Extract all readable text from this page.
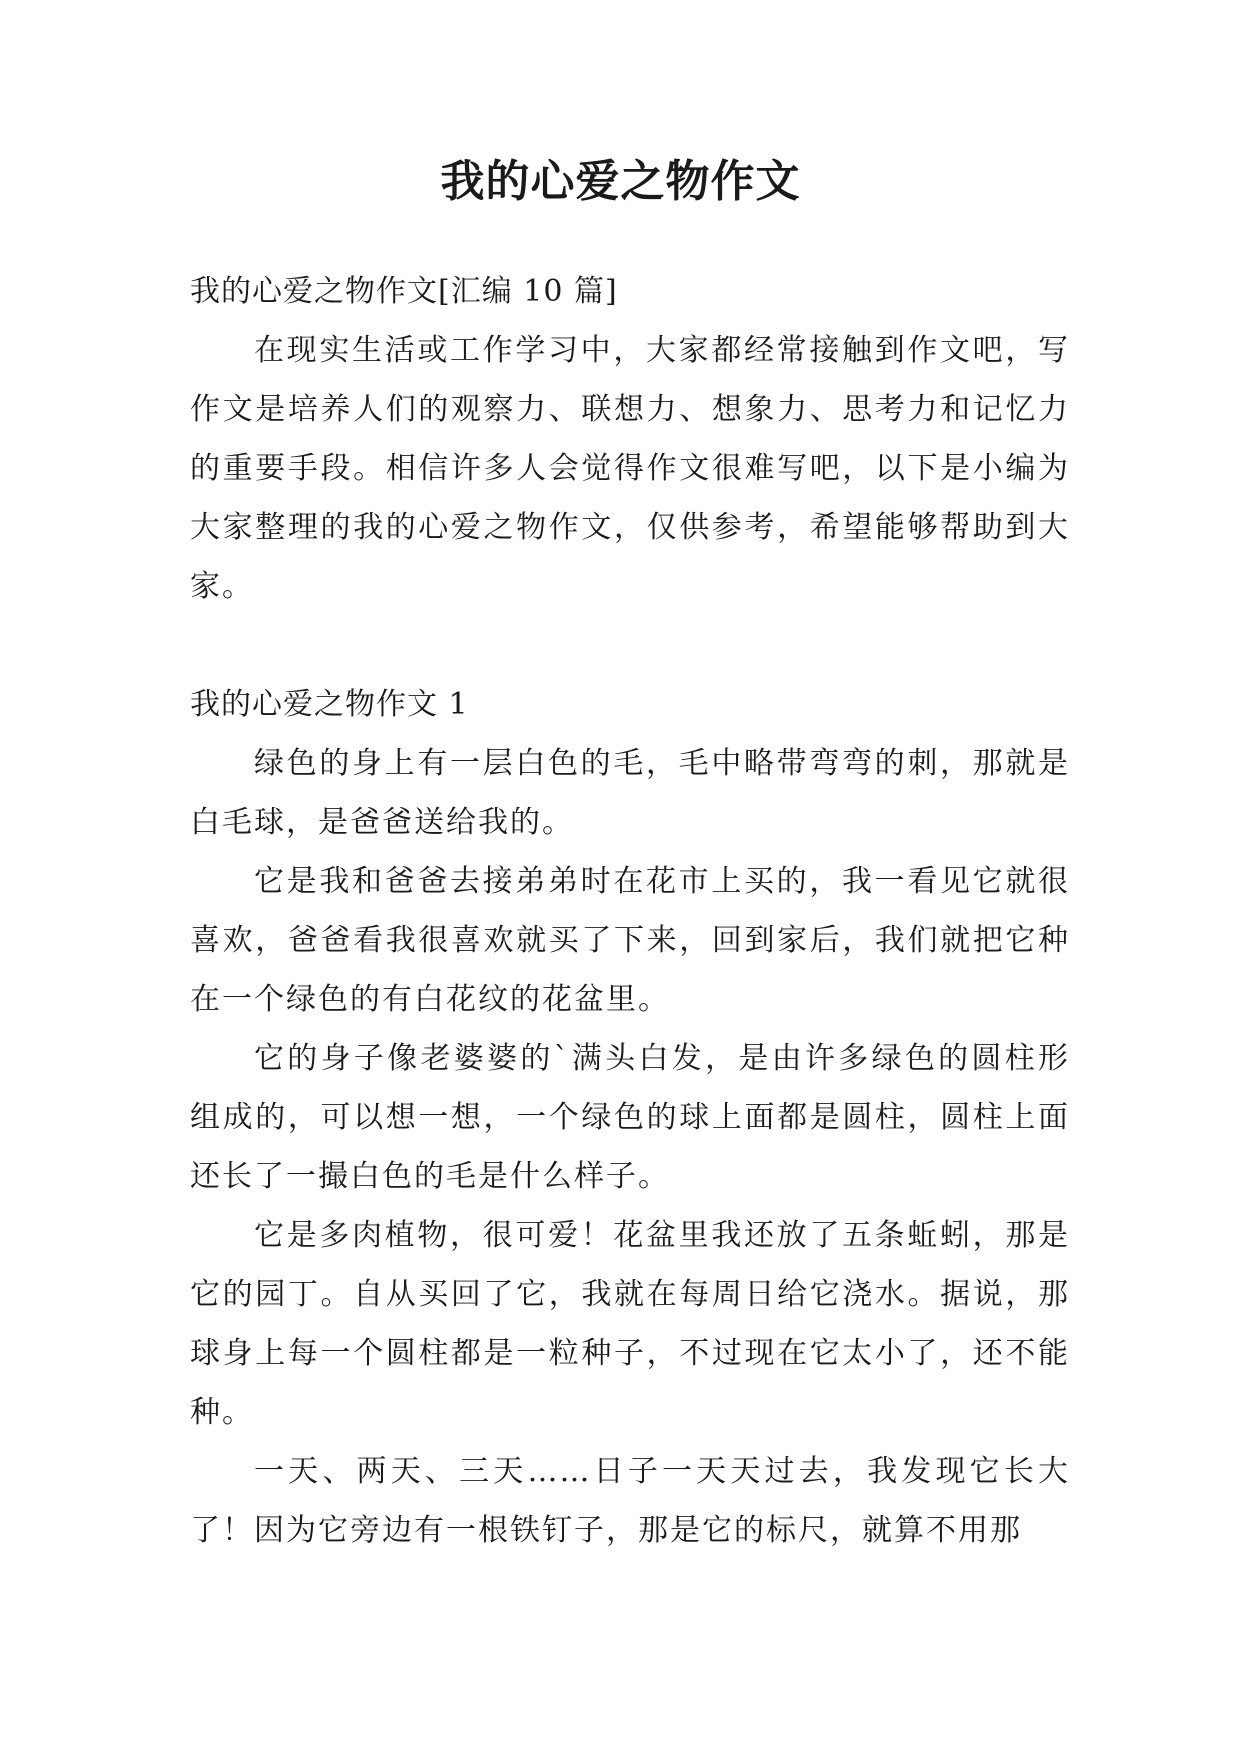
我的心爱之物作文

我的心爱之物作文[汇编 10 篇]

在现实生活或工作学习中，大家都经常接触到作文吧，写作文是培养人们的观察力、联想力、想象力、思考力和记忆力的重要手段。相信许多人会觉得作文很难写吧，以下是小编为大家整理的我的心爱之物作文，仅供参考，希望能够帮助到大家。

我的心爱之物作文 1

绿色的身上有一层白色的毛，毛中略带弯弯的刺，那就是白毛球，是爸爸送给我的。

它是我和爸爸去接弟弟时在花市上买的，我一看见它就很喜欢，爸爸看我很喜欢就买了下来，回到家后，我们就把它种在一个绿色的有白花纹的花盆里。

它的身子像老婆婆的`满头白发，是由许多绿色的圆柱形组成的，可以想一想，一个绿色的球上面都是圆柱，圆柱上面还长了一撮白色的毛是什么样子。

它是多肉植物，很可爱！花盆里我还放了五条蚯蚓，那是它的园丁。自从买回了它，我就在每周日给它浇水。据说，那球身上每一个圆柱都是一粒种子，不过现在它太小了，还不能种。

一天、两天、三天……日子一天天过去，我发现它长大了！因为它旁边有一根铁钉子，那是它的标尺，就算不用那
